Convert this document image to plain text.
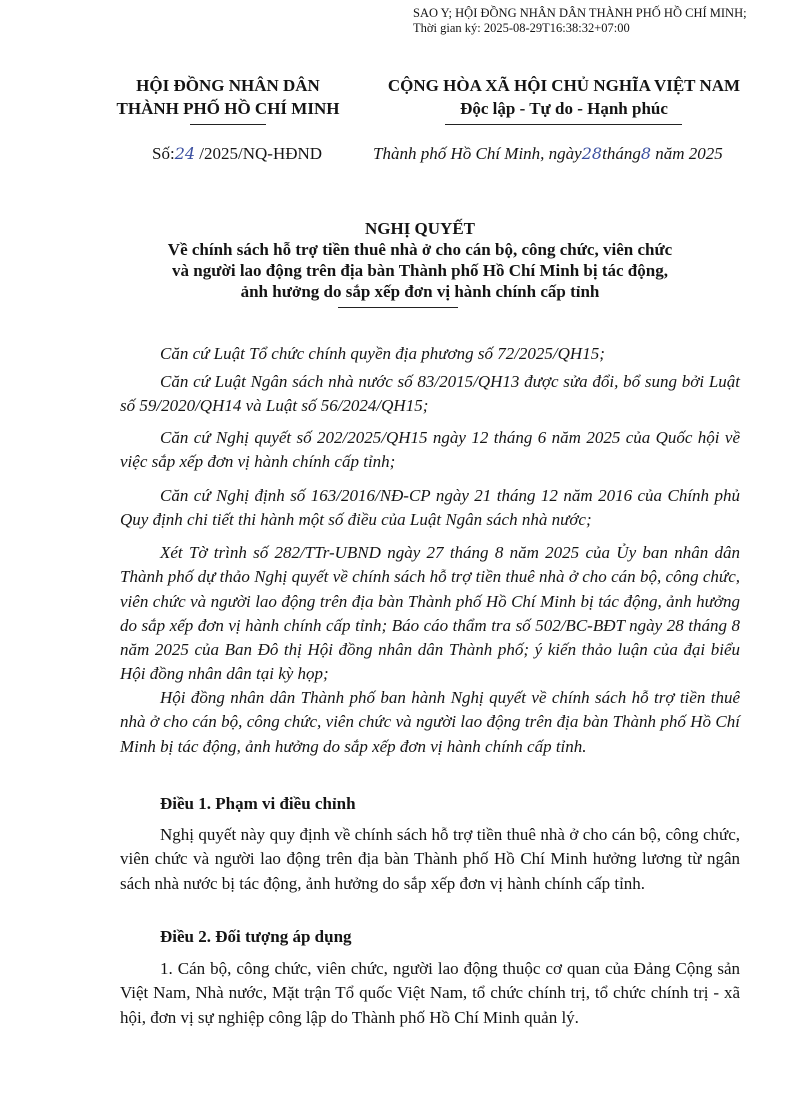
SAO Y; HỘI ĐỒNG NHÂN DÂN THÀNH PHỐ HỒ CHÍ MINH;
Thời gian ký: 2025-08-29T16:38:32+07:00
HỘI ĐỒNG NHÂN DÂN
THÀNH PHỐ HỒ CHÍ MINH
CỘNG HÒA XÃ HỘI CHỦ NGHĨA VIỆT NAM
Độc lập - Tự do - Hạnh phúc
Số:24 /2025/NQ-HĐND	Thành phố Hồ Chí Minh, ngày28tháng8 năm 2025
NGHỊ QUYẾT
Về chính sách hỗ trợ tiền thuê nhà ở cho cán bộ, công chức, viên chức
và người lao động trên địa bàn Thành phố Hồ Chí Minh bị tác động,
ảnh hưởng do sắp xếp đơn vị hành chính cấp tỉnh
Căn cứ Luật Tổ chức chính quyền địa phương số 72/2025/QH15;
Căn cứ Luật Ngân sách nhà nước số 83/2015/QH13 được sửa đổi, bổ sung bởi Luật số 59/2020/QH14 và Luật số 56/2024/QH15;
Căn cứ Nghị quyết số 202/2025/QH15 ngày 12 tháng 6 năm 2025 của Quốc hội về việc sắp xếp đơn vị hành chính cấp tỉnh;
Căn cứ Nghị định số 163/2016/NĐ-CP ngày 21 tháng 12 năm 2016 của Chính phủ Quy định chi tiết thi hành một số điều của Luật Ngân sách nhà nước;
Xét Tờ trình số 282/TTr-UBND ngày 27 tháng 8 năm 2025 của Ủy ban nhân dân Thành phố dự thảo Nghị quyết về chính sách hỗ trợ tiền thuê nhà ở cho cán bộ, công chức, viên chức và người lao động trên địa bàn Thành phố Hồ Chí Minh bị tác động, ảnh hưởng do sắp xếp đơn vị hành chính cấp tỉnh; Báo cáo thẩm tra số 502/BC-BĐT ngày 28 tháng 8 năm 2025 của Ban Đô thị Hội đồng nhân dân Thành phố; ý kiến thảo luận của đại biểu Hội đồng nhân dân tại kỳ họp;
Hội đồng nhân dân Thành phố ban hành Nghị quyết về chính sách hỗ trợ tiền thuê nhà ở cho cán bộ, công chức, viên chức và người lao động trên địa bàn Thành phố Hồ Chí Minh bị tác động, ảnh hưởng do sắp xếp đơn vị hành chính cấp tỉnh.
Điều 1. Phạm vi điều chỉnh
Nghị quyết này quy định về chính sách hỗ trợ tiền thuê nhà ở cho cán bộ, công chức, viên chức và người lao động trên địa bàn Thành phố Hồ Chí Minh hưởng lương từ ngân sách nhà nước bị tác động, ảnh hưởng do sắp xếp đơn vị hành chính cấp tỉnh.
Điều 2. Đối tượng áp dụng
1. Cán bộ, công chức, viên chức, người lao động thuộc cơ quan của Đảng Cộng sản Việt Nam, Nhà nước, Mặt trận Tổ quốc Việt Nam, tổ chức chính trị, tổ chức chính trị - xã hội, đơn vị sự nghiệp công lập do Thành phố Hồ Chí Minh quản lý.
